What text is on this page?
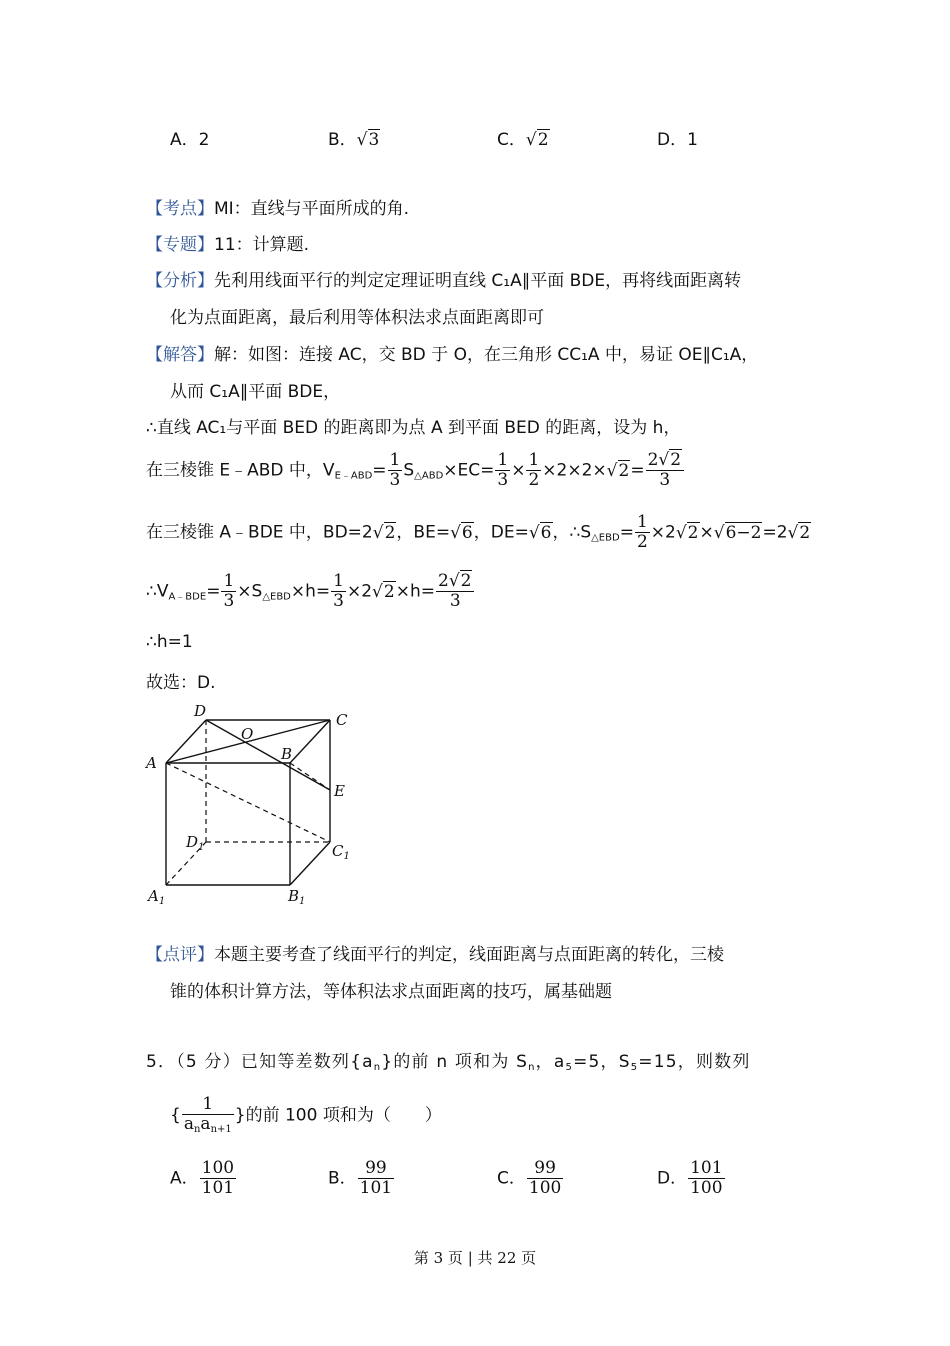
A．2	B．√3	C．√2	D．1
【考点】MI：直线与平面所成的角.
【专题】11：计算题.
【分析】先利用线面平行的判定定理证明直线 C₁A∥平面 BDE，再将线面距离转
化为点面距离，最后利用等体积法求点面距离即可
【解答】解：如图：连接 AC，交 BD 于 O，在三角形 CC₁A 中，易证 OE∥C₁A，
从而 C₁A∥平面 BDE，
∴直线 AC₁与平面 BED 的距离即为点 A 到平面 BED 的距离，设为 h，
在三棱锥 E﹣ABD 中，$V_{E﹣ABD}= \frac{1}{3} S_{\triangle ABD}\times EC= \frac{1}{3} \times \frac{1}{2} \times 2\times 2\times√2= \frac{2√2}{3}$
在三棱锥 A﹣BDE 中，BD=2√2，BE=√6，DE=√6，$\therefore S_{\triangle EBD}= \frac{1}{2} \times 2√2\times√6-2=2√2$
$\therefore V_{A﹣BDE}= \frac{1}{3} \times S_{\triangle EBD}\times h= \frac{1}{3} \times 2√2\times h= \frac{2√2}{3}$
∴h=1
故选：D.
D
O
C
A	B
E
$D_1$	$C_1$
$A_1$	$B_1$
【点评】本题主要考查了线面平行的判定，线面距离与点面距离的转化，三棱
锥的体积计算方法，等体积法求点面距离的技巧，属基础题
5．（5 分）已知等差数列$\{a_n\}$的前 n 项和为 $S_n$，$a_5=5$，$S_5=15$，则数列
{ $\frac{1}{a_na_{n+1}}$ }的前 100 项和为（　　）
A． $\frac{100}{101}$	B． $\frac{99}{101}$	C． $\frac{99}{100}$	D． $\frac{101}{100}$
第 3 页 | 共 22 页
